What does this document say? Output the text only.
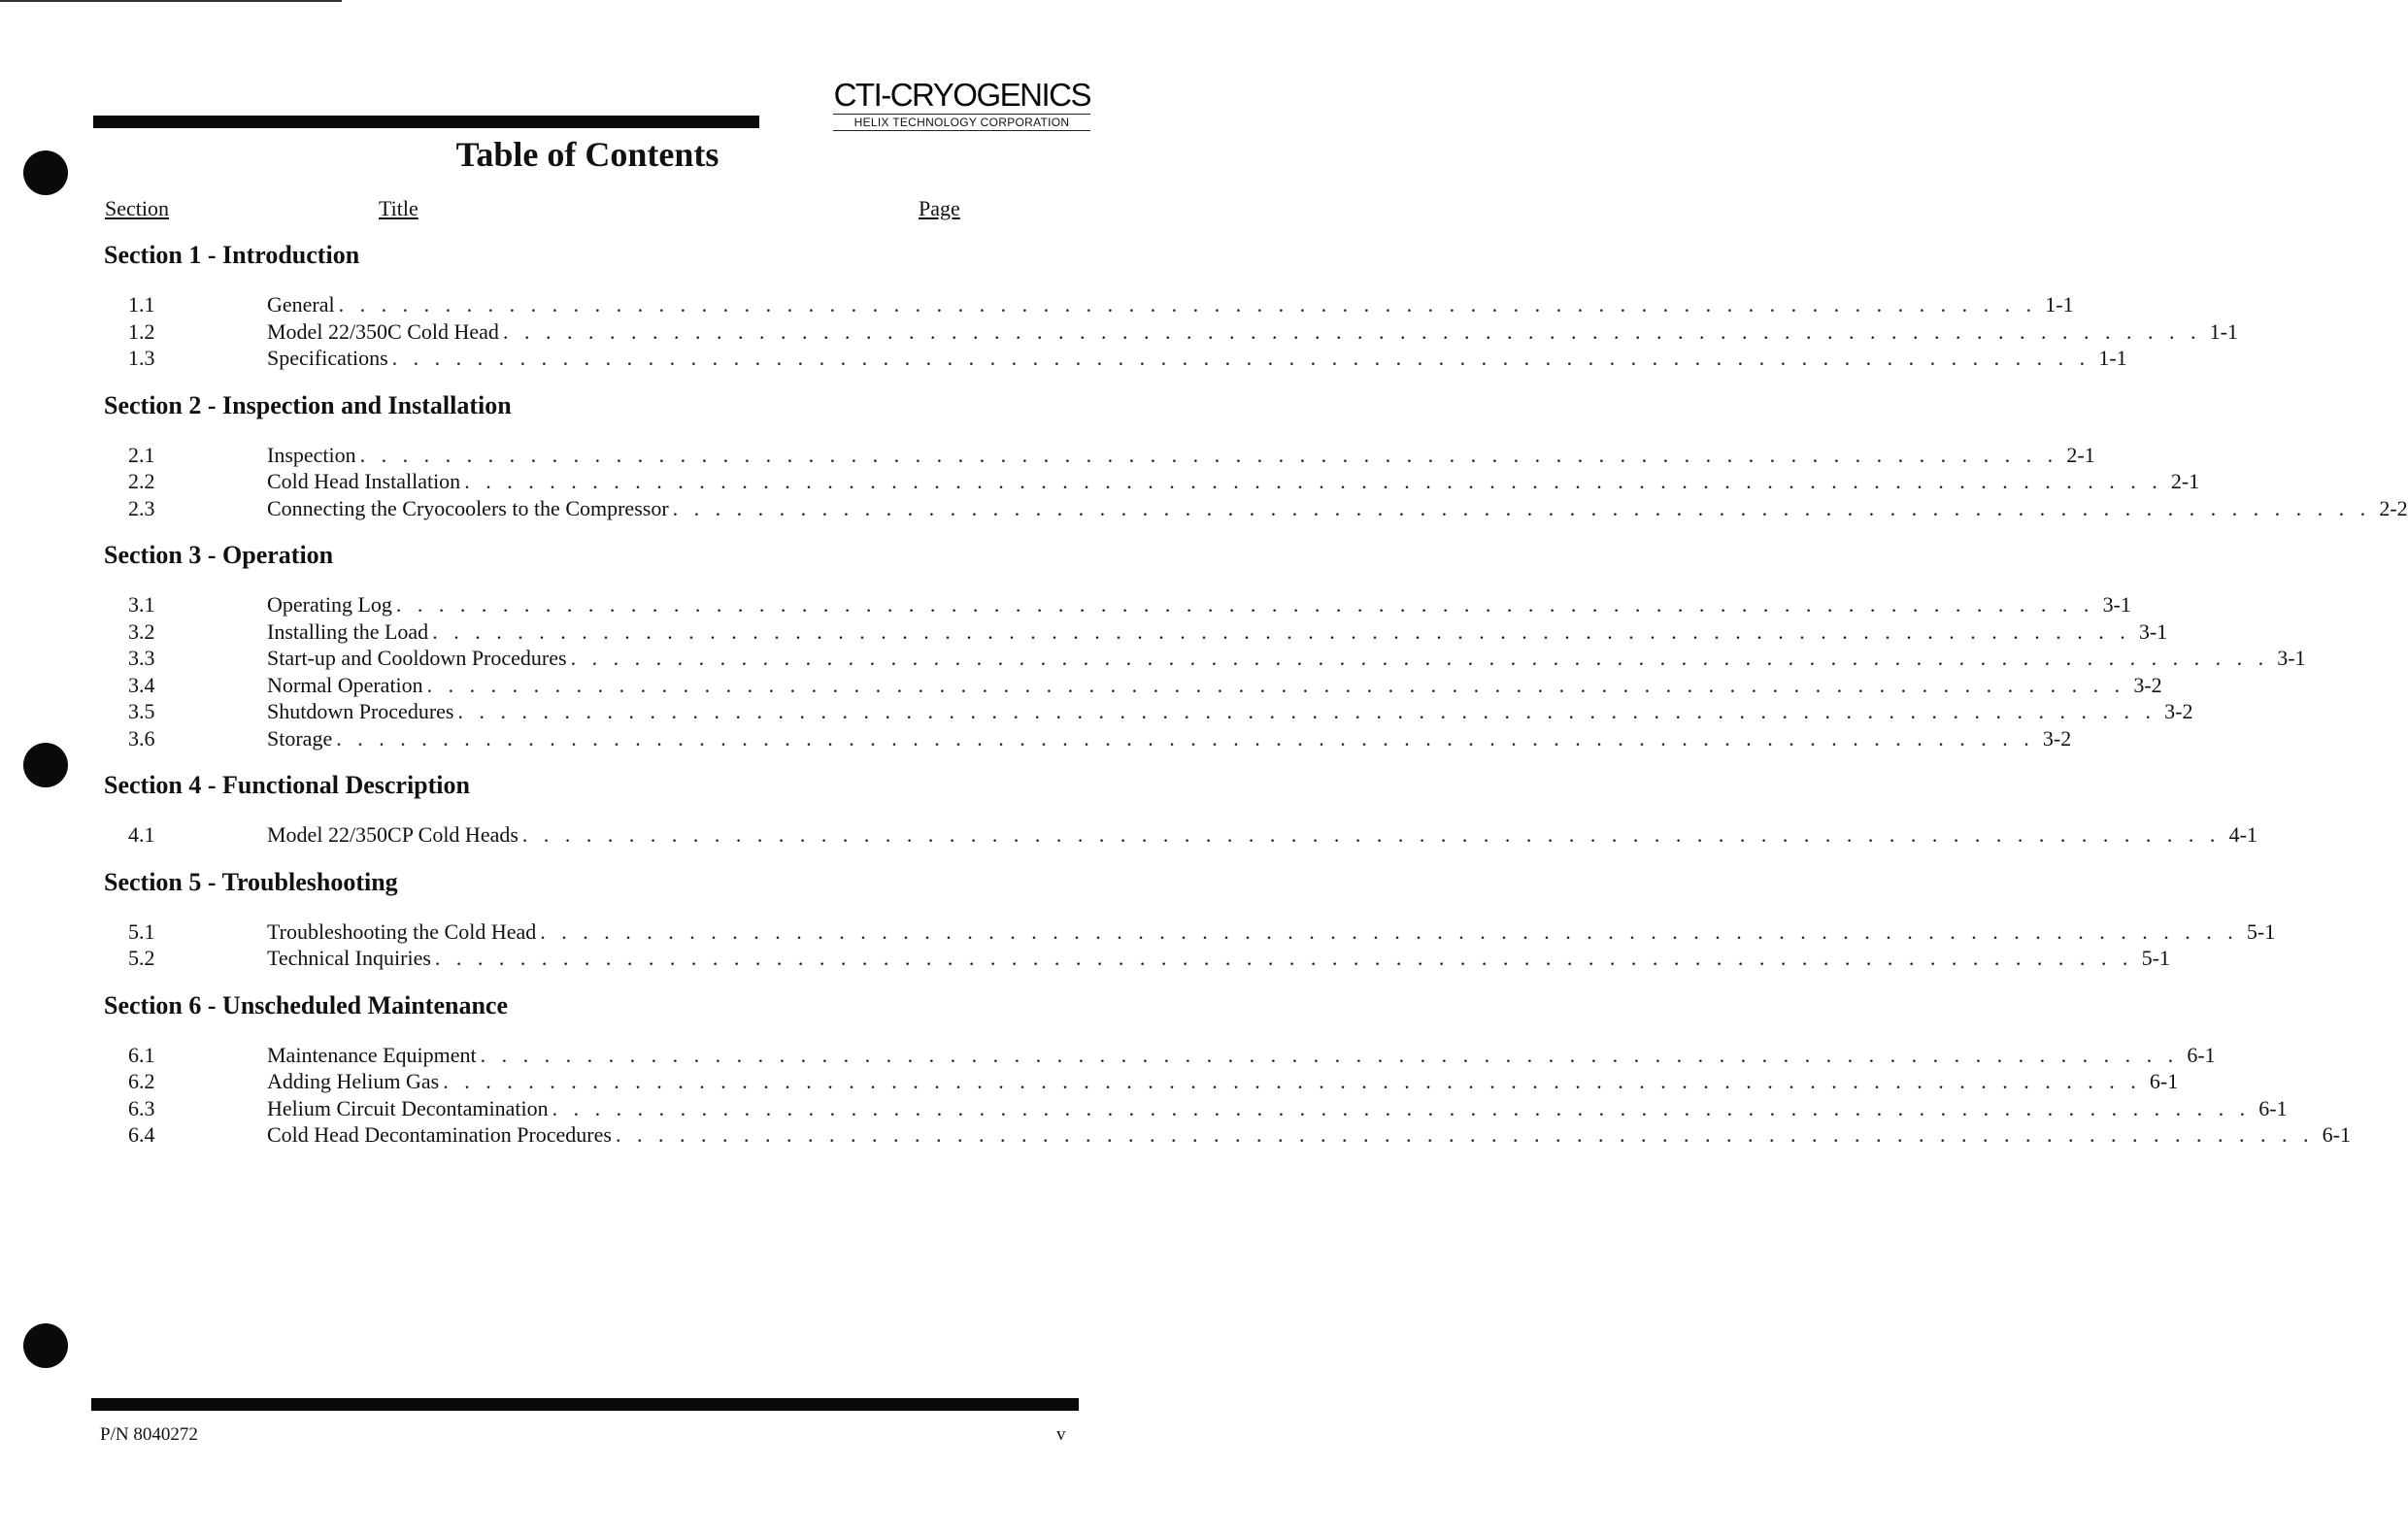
CTI-CRYOGENICS
HELIX TECHNOLOGY CORPORATION
Table of Contents
Section	Title	Page
Section 1 - Introduction
1.1	General . . . . . . . . . . . . . . . . . . . . . . . . . . . . . . . . . . . . . . . . . . . . . . . . . . . . . . . . . . . . . . . . . . . . . . . . . . . . . . . . 1-1
1.2	Model 22/350C Cold Head . . . . . . . . . . . . . . . . . . . . . . . . . . . . . . . . . . . . . . . . . . . . . . . . . . . . . . . . . . . . . . . . . . . . . . . . . . . . . . . . 1-1
1.3	Specifications . . . . . . . . . . . . . . . . . . . . . . . . . . . . . . . . . . . . . . . . . . . . . . . . . . . . . . . . . . . . . . . . . . . . . . . . . . . . . . . . 1-1
Section 2 - Inspection and Installation
2.1	Inspection . . . . . . . . . . . . . . . . . . . . . . . . . . . . . . . . . . . . . . . . . . . . . . . . . . . . . . . . . . . . . . . . . . . . . . . . . . . . . . . . 2-1
2.2	Cold Head Installation . . . . . . . . . . . . . . . . . . . . . . . . . . . . . . . . . . . . . . . . . . . . . . . . . . . . . . . . . . . . . . . . . . . . . . . . . . . . . . . . 2-1
2.3	Connecting the Cryocoolers to the Compressor . . . . . . . . . . . . . . . . . . . . . . . . . . . . . . . . . . . . . . . . . . . . . . . . . . . . . . . . . . . . . . . . . . . . . . . . . . . . . . . . 2-2
Section 3 - Operation
3.1	Operating Log . . . . . . . . . . . . . . . . . . . . . . . . . . . . . . . . . . . . . . . . . . . . . . . . . . . . . . . . . . . . . . . . . . . . . . . . . . . . . . . . 3-1
3.2	Installing the Load . . . . . . . . . . . . . . . . . . . . . . . . . . . . . . . . . . . . . . . . . . . . . . . . . . . . . . . . . . . . . . . . . . . . . . . . . . . . . . . . 3-1
3.3	Start-up and Cooldown Procedures . . . . . . . . . . . . . . . . . . . . . . . . . . . . . . . . . . . . . . . . . . . . . . . . . . . . . . . . . . . . . . . . . . . . . . . . . . . . . . . . 3-1
3.4	Normal Operation . . . . . . . . . . . . . . . . . . . . . . . . . . . . . . . . . . . . . . . . . . . . . . . . . . . . . . . . . . . . . . . . . . . . . . . . . . . . . . . . 3-2
3.5	Shutdown Procedures . . . . . . . . . . . . . . . . . . . . . . . . . . . . . . . . . . . . . . . . . . . . . . . . . . . . . . . . . . . . . . . . . . . . . . . . . . . . . . . . 3-2
3.6	Storage . . . . . . . . . . . . . . . . . . . . . . . . . . . . . . . . . . . . . . . . . . . . . . . . . . . . . . . . . . . . . . . . . . . . . . . . . . . . . . . . 3-2
Section 4 - Functional Description
4.1	Model 22/350CP Cold Heads . . . . . . . . . . . . . . . . . . . . . . . . . . . . . . . . . . . . . . . . . . . . . . . . . . . . . . . . . . . . . . . . . . . . . . . . . . . . . . . . 4-1
Section 5 - Troubleshooting
5.1	Troubleshooting the Cold Head . . . . . . . . . . . . . . . . . . . . . . . . . . . . . . . . . . . . . . . . . . . . . . . . . . . . . . . . . . . . . . . . . . . . . . . . . . . . . . . . 5-1
5.2	Technical Inquiries . . . . . . . . . . . . . . . . . . . . . . . . . . . . . . . . . . . . . . . . . . . . . . . . . . . . . . . . . . . . . . . . . . . . . . . . . . . . . . . . 5-1
Section 6 - Unscheduled Maintenance
6.1	Maintenance Equipment . . . . . . . . . . . . . . . . . . . . . . . . . . . . . . . . . . . . . . . . . . . . . . . . . . . . . . . . . . . . . . . . . . . . . . . . . . . . . . . . 6-1
6.2	Adding Helium Gas . . . . . . . . . . . . . . . . . . . . . . . . . . . . . . . . . . . . . . . . . . . . . . . . . . . . . . . . . . . . . . . . . . . . . . . . . . . . . . . . 6-1
6.3	Helium Circuit Decontamination . . . . . . . . . . . . . . . . . . . . . . . . . . . . . . . . . . . . . . . . . . . . . . . . . . . . . . . . . . . . . . . . . . . . . . . . . . . . . . . . 6-1
6.4	Cold Head Decontamination Procedures . . . . . . . . . . . . . . . . . . . . . . . . . . . . . . . . . . . . . . . . . . . . . . . . . . . . . . . . . . . . . . . . . . . . . . . . . . . . . . . . 6-1
P/N 8040272	v
